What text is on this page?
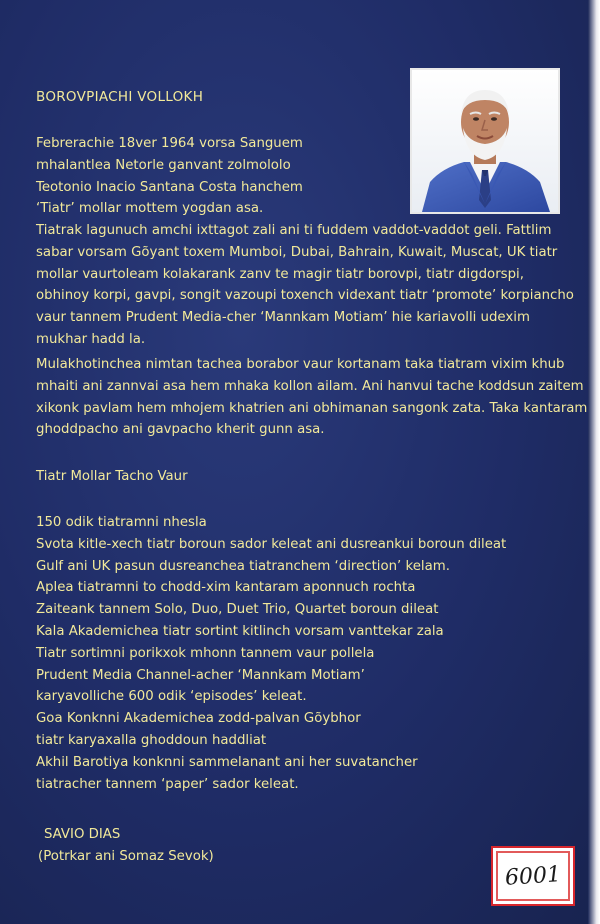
BOROVPIACHI VOLLOKH
Febrerachie 18ver 1964 vorsa Sanguem
mhalantlea Netorle ganvant zolmololo
Teotonio Inacio Santana Costa hanchem
‘Tiatr’ mollar mottem yogdan asa.
Tiatrak lagunuch amchi ixttagot zali ani ti fuddem vaddot-vaddot geli. Fattlim
sabar vorsam Gõyant toxem Mumboi, Dubai, Bahrain, Kuwait, Muscat, UK tiatr
mollar vaurtoleam kolakarank zanv te magir tiatr borovpi, tiatr digdorspi,
obhinoy korpi, gavpi, songit vazoupi toxench videxant tiatr ‘promote’ korpiancho
vaur tannem Prudent Media-cher ‘Mannkam Motiam’ hie kariavolli udexim
mukhar hadd la.
Mulakhotinchea nimtan tachea borabor vaur kortanam taka tiatram vixim khub
mhaiti ani zannvai asa hem mhaka kollon ailam. Ani hanvui tache koddsun zaitem
xikonk pavlam hem mhojem khatrien ani obhimanan sangonk zata. Taka kantaram
ghoddpacho ani gavpacho kherit gunn asa.
Tiatr Mollar Tacho Vaur
150 odik tiatramni nhesla
Svota kitle-xech tiatr boroun sador keleat ani dusreankui boroun dileat
Gulf ani UK pasun dusreanchea tiatranchem ‘direction’ kelam.
Aplea tiatramni to chodd-xim kantaram aponnuch rochta
Zaiteank tannem Solo, Duo, Duet Trio, Quartet boroun dileat
Kala Akademichea tiatr sortint kitlinch vorsam vanttekar zala
Tiatr sortimni porikxok mhonn tannem vaur pollela
Prudent Media Channel-acher ‘Mannkam Motiam’
karyavolliche 600 odik ‘episodes’ keleat.
Goa Konknni Akademichea zodd-palvan Gõybhor
tiatr karyaxalla ghoddoun haddliat
Akhil Barotiya konknni sammelanant ani her suvatancher
tiatracher tannem ‘paper’ sador keleat.
SAVIO DIAS
(Potrkar ani Somaz Sevok)
6001
